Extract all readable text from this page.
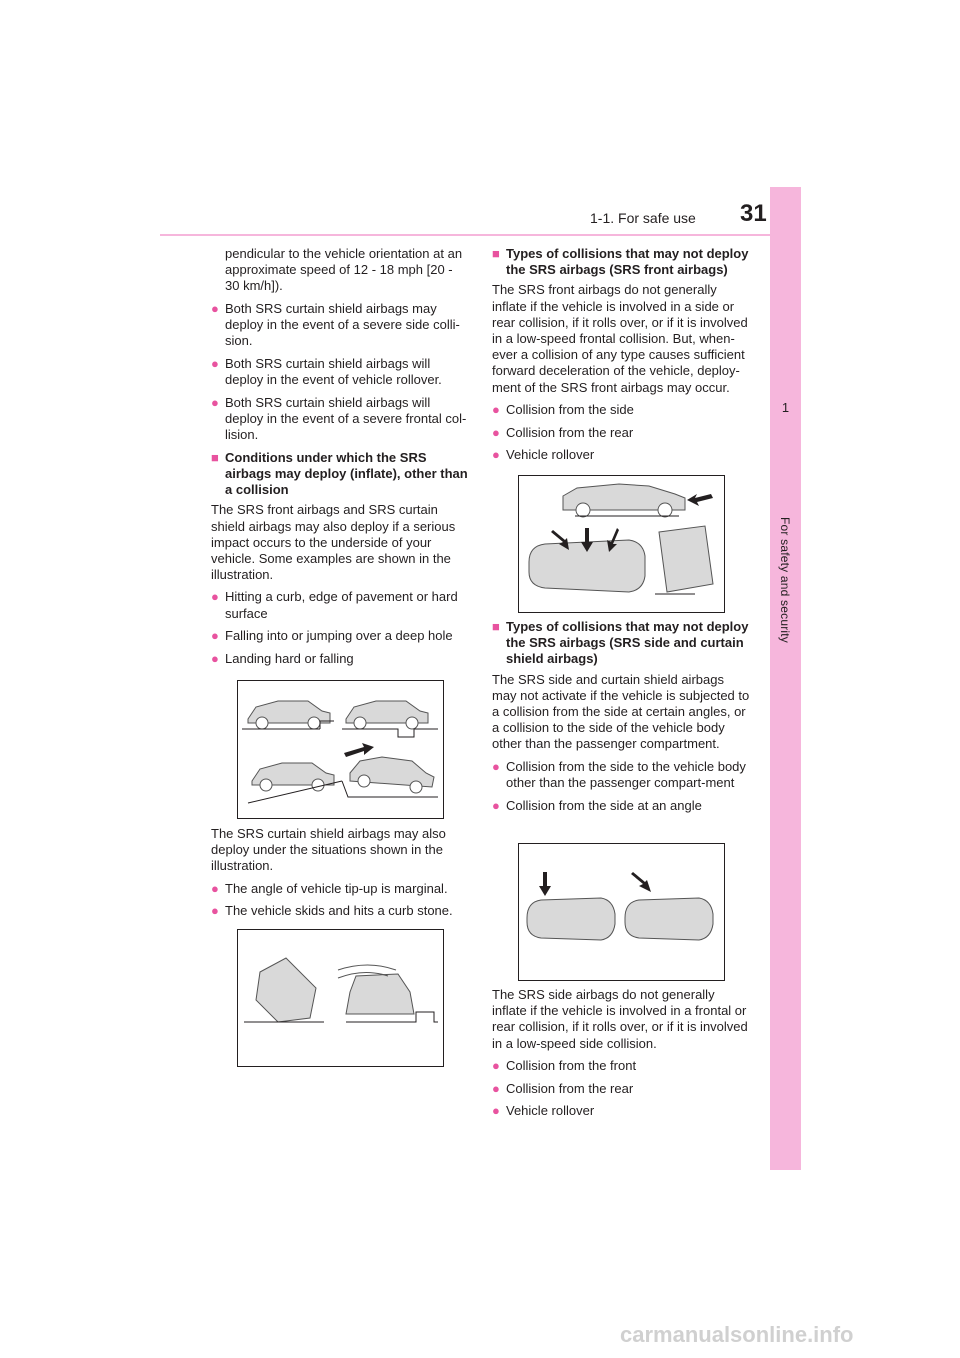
1-1. For safe use 31
1
For safety and security
pendicular to the vehicle orientation at an approximate speed of 12 - 18 mph [20 - 30 km/h]).
● Both SRS curtain shield airbags may deploy in the event of a severe side colli-sion.
● Both SRS curtain shield airbags will deploy in the event of vehicle rollover.
● Both SRS curtain shield airbags will deploy in the event of a severe frontal col-lision.
■ Conditions under which the SRS airbags may deploy (inflate), other than a collision

The SRS front airbags and SRS curtain shield airbags may also deploy if a serious impact occurs to the underside of your vehicle. Some examples are shown in the illustration.

● Hitting a curb, edge of pavement or hard surface
● Falling into or jumping over a deep hole
● Landing hard or falling

The SRS curtain shield airbags may also deploy under the situations shown in the illustration.

● The angle of vehicle tip-up is marginal.
● The vehicle skids and hits a curb stone.
■ Types of collisions that may not deploy the SRS airbags (SRS front airbags)

The SRS front airbags do not generally inflate if the vehicle is involved in a side or rear collision, if it rolls over, or if it is involved in a low-speed frontal collision. But, when-ever a collision of any type causes sufficient forward deceleration of the vehicle, deploy-ment of the SRS front airbags may occur.

● Collision from the side
● Collision from the rear
● Vehicle rollover
■ Types of collisions that may not deploy the SRS airbags (SRS side and curtain shield airbags)

The SRS side and curtain shield airbags may not activate if the vehicle is subjected to a collision from the side at certain angles, or a collision to the side of the vehicle body other than the passenger compartment.

● Collision from the side to the vehicle body other than the passenger compart-ment
● Collision from the side at an angle

The SRS side airbags do not generally inflate if the vehicle is involved in a frontal or rear collision, if it rolls over, or if it is involved in a low-speed side collision.

● Collision from the front
● Collision from the rear
● Vehicle rollover
carmanualsonline.info
